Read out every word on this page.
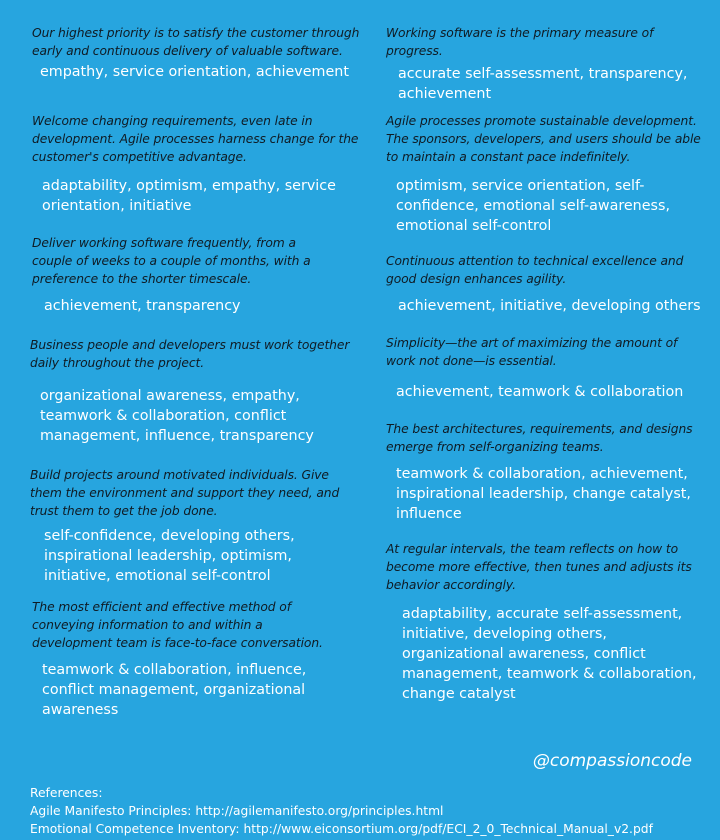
Our highest priority is to satisfy the customer through early and continuous delivery of valuable software.
empathy, service orientation, achievement
Welcome changing requirements, even late in development. Agile processes harness change for the customer's competitive advantage.
adaptability, optimism, empathy, service orientation, initiative
Deliver working software frequently, from a couple of weeks to a couple of months, with a preference to the shorter timescale.
achievement, transparency
Business people and developers must work together daily throughout the project.
organizational awareness, empathy, teamwork & collaboration, conflict management, influence, transparency
Build projects around motivated individuals. Give them the environment and support they need, and trust them to get the job done.
self-confidence, developing others, inspirational leadership, optimism, initiative, emotional self-control
The most efficient and effective method of conveying information to and within a development team is face-to-face conversation.
teamwork & collaboration, influence, conflict management, organizational awareness
Working software is the primary measure of progress.
accurate self-assessment, transparency, achievement
Agile processes promote sustainable development. The sponsors, developers, and users should be able to maintain a constant pace indefinitely.
optimism, service orientation, self-confidence, emotional self-awareness, emotional self-control
Continuous attention to technical excellence and good design enhances agility.
achievement, initiative, developing others
Simplicity—the art of maximizing the amount of work not done—is essential.
achievement, teamwork & collaboration
The best architectures, requirements, and designs emerge from self-organizing teams.
teamwork & collaboration, achievement, inspirational leadership, change catalyst, influence
At regular intervals, the team reflects on how to become more effective, then tunes and adjusts its behavior accordingly.
adaptability, accurate self-assessment, initiative, developing others, organizational awareness, conflict management, teamwork & collaboration, change catalyst
@compassioncode
References:
Agile Manifesto Principles: http://agilemanifesto.org/principles.html
Emotional Competence Inventory: http://www.eiconsortium.org/pdf/ECI_2_0_Technical_Manual_v2.pdf
